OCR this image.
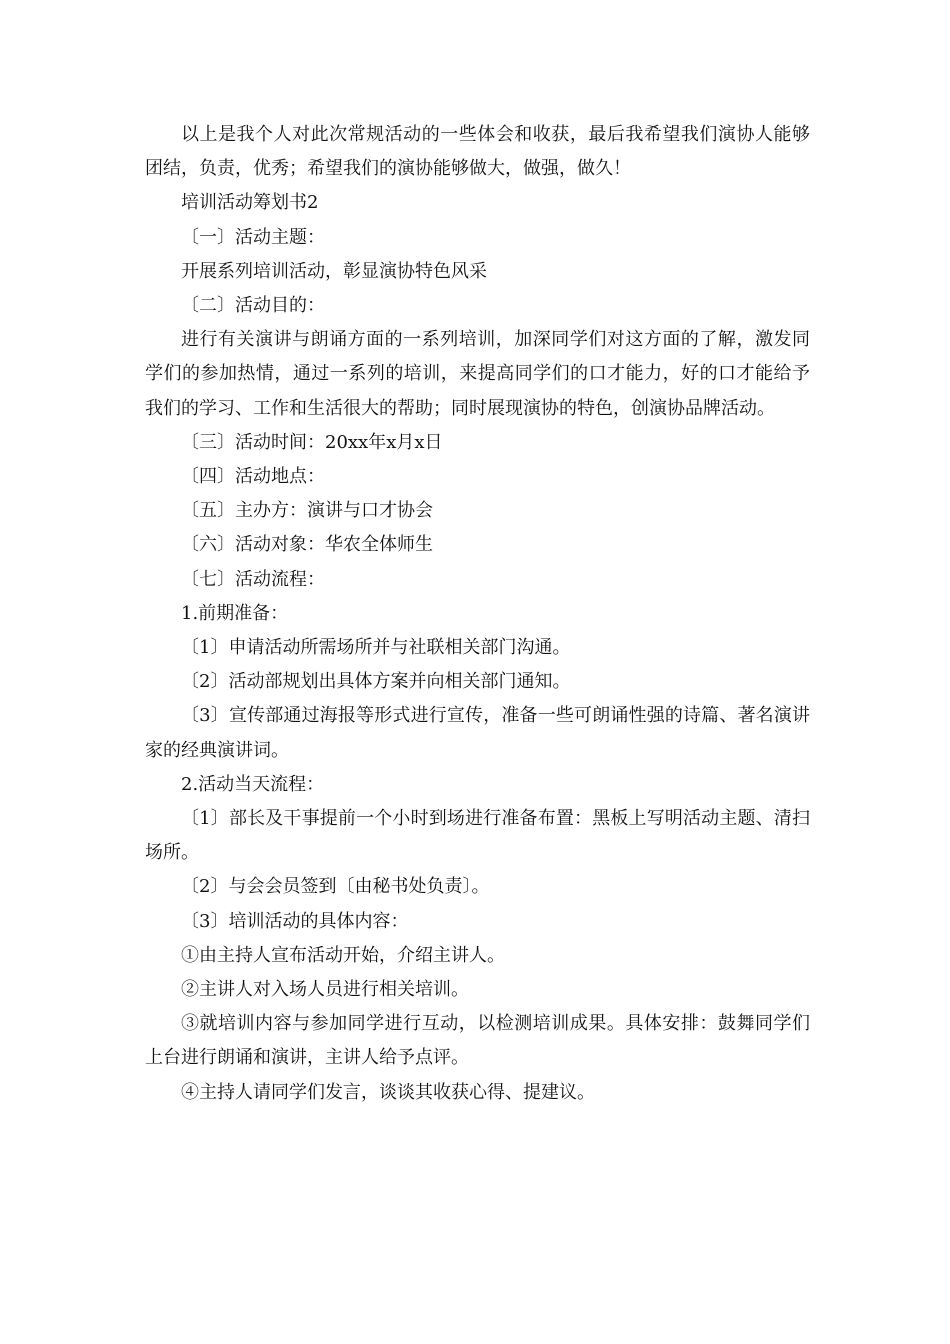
以上是我个人对此次常规活动的一些体会和收获，最后我希望我们演协人能够团结，负责，优秀；希望我们的演协能够做大，做强，做久！

培训活动筹划书2

〔一〕活动主题：

开展系列培训活动，彰显演协特色风采

〔二〕活动目的：

进行有关演讲与朗诵方面的一系列培训，加深同学们对这方面的了解，激发同学们的参加热情，通过一系列的培训，来提高同学们的口才能力，好的口才能给予我们的学习、工作和生活很大的帮助；同时展现演协的特色，创演协品牌活动。

〔三〕活动时间：20xx年x月x日

〔四〕活动地点：

〔五〕主办方：演讲与口才协会

〔六〕活动对象：华农全体师生

〔七〕活动流程：

1.前期准备：

〔1〕申请活动所需场所并与社联相关部门沟通。

〔2〕活动部规划出具体方案并向相关部门通知。

〔3〕宣传部通过海报等形式进行宣传，准备一些可朗诵性强的诗篇、著名演讲家的经典演讲词。

2.活动当天流程：

〔1〕部长及干事提前一个小时到场进行准备布置：黑板上写明活动主题、清扫场所。

〔2〕与会会员签到〔由秘书处负责〕。

〔3〕培训活动的具体内容：

①由主持人宣布活动开始，介绍主讲人。

②主讲人对入场人员进行相关培训。

③就培训内容与参加同学进行互动，以检测培训成果。具体安排：鼓舞同学们上台进行朗诵和演讲，主讲人给予点评。

④主持人请同学们发言，谈谈其收获心得、提建议。
